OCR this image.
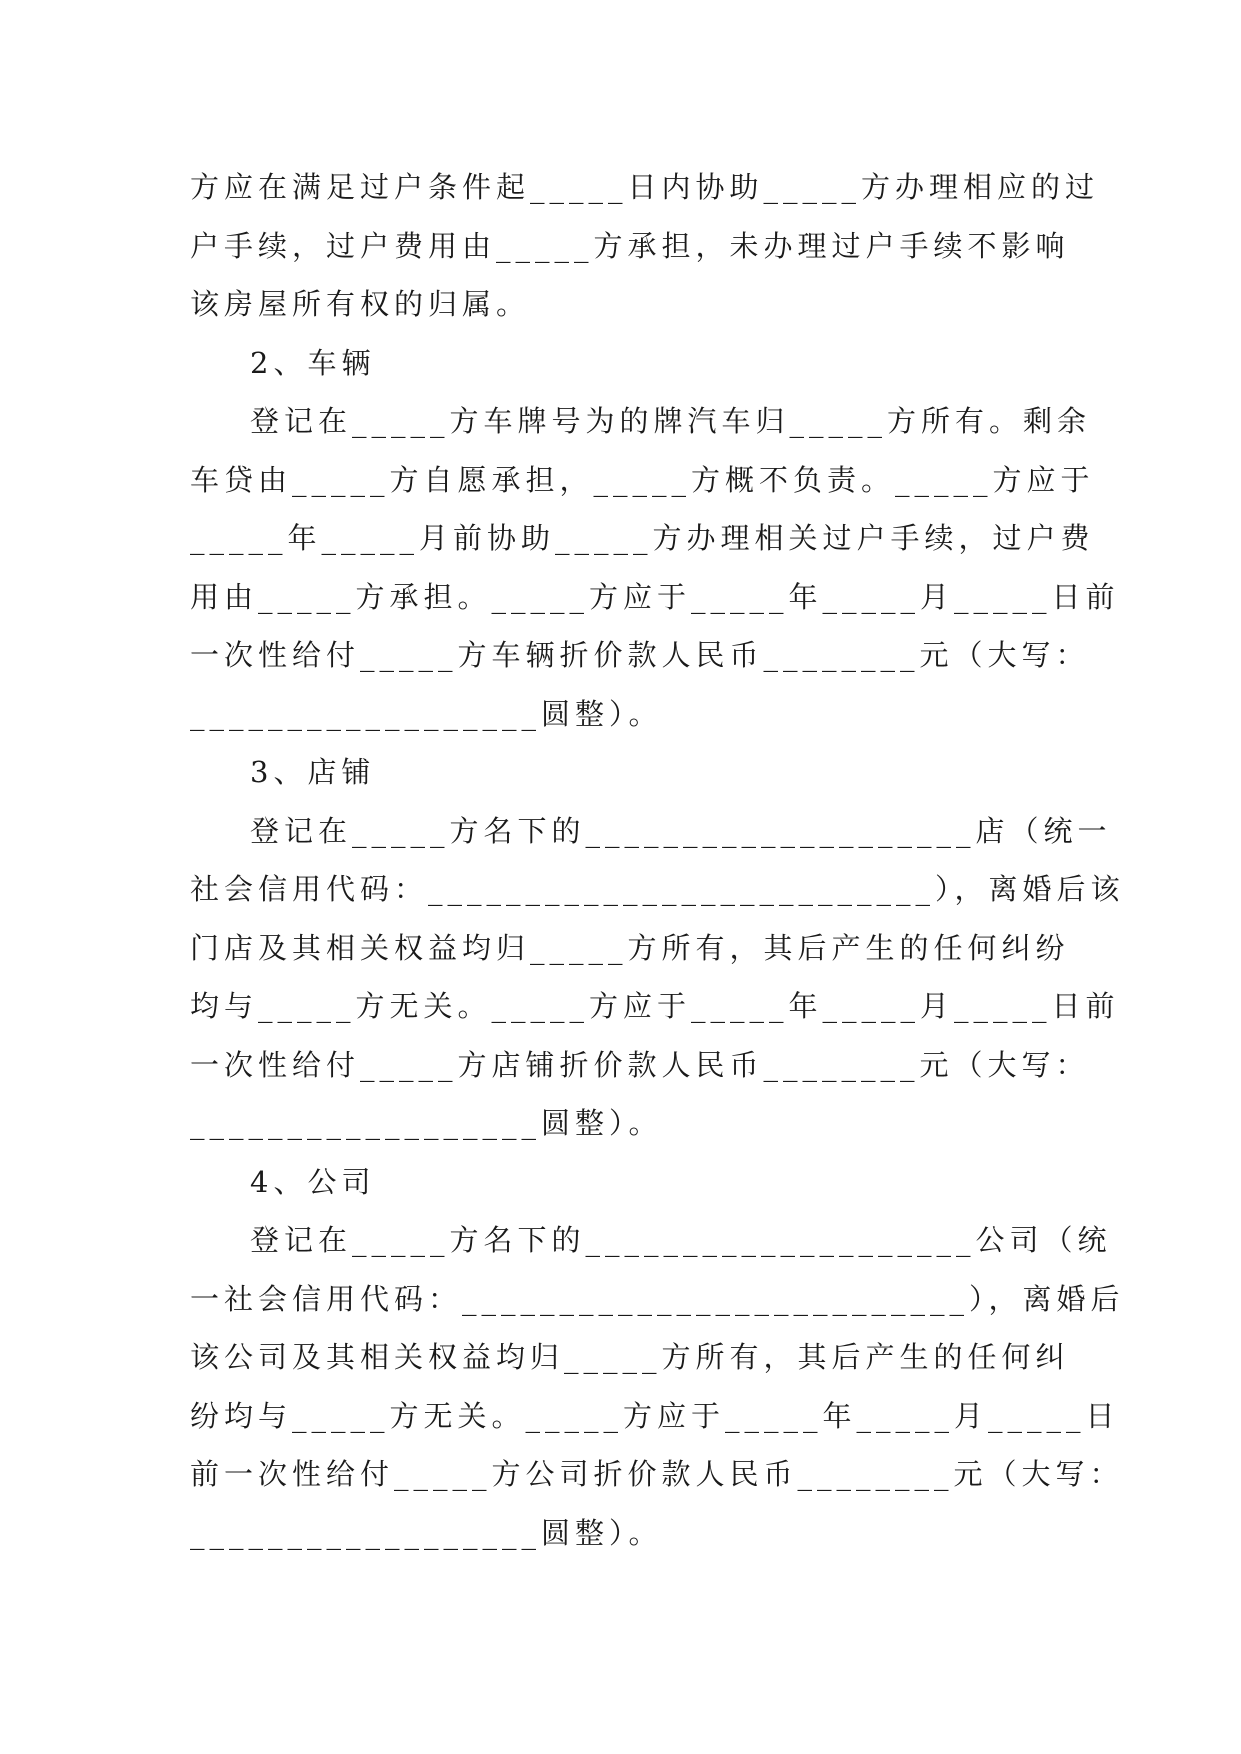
方应在满足过户条件起_____日内协助_____方办理相应的过
户手续，过户费用由_____方承担，未办理过户手续不影响
该房屋所有权的归属。
2、车辆
登记在_____方车牌号为的牌汽车归_____方所有。剩余
车贷由_____方自愿承担，_____方概不负责。_____方应于
_____年_____月前协助_____方办理相关过户手续，过户费
用由_____方承担。_____方应于_____年_____月_____日前
一次性给付_____方车辆折价款人民币________元（大写：
__________________圆整）。
3、店铺
登记在_____方名下的____________________店（统一
社会信用代码：__________________________），离婚后该
门店及其相关权益均归_____方所有，其后产生的任何纠纷
均与_____方无关。_____方应于_____年_____月_____日前
一次性给付_____方店铺折价款人民币________元（大写：
__________________圆整）。
4、公司
登记在_____方名下的____________________公司（统
一社会信用代码：__________________________），离婚后
该公司及其相关权益均归_____方所有，其后产生的任何纠
纷均与_____方无关。_____方应于_____年_____月_____日
前一次性给付_____方公司折价款人民币________元（大写：
__________________圆整）。
